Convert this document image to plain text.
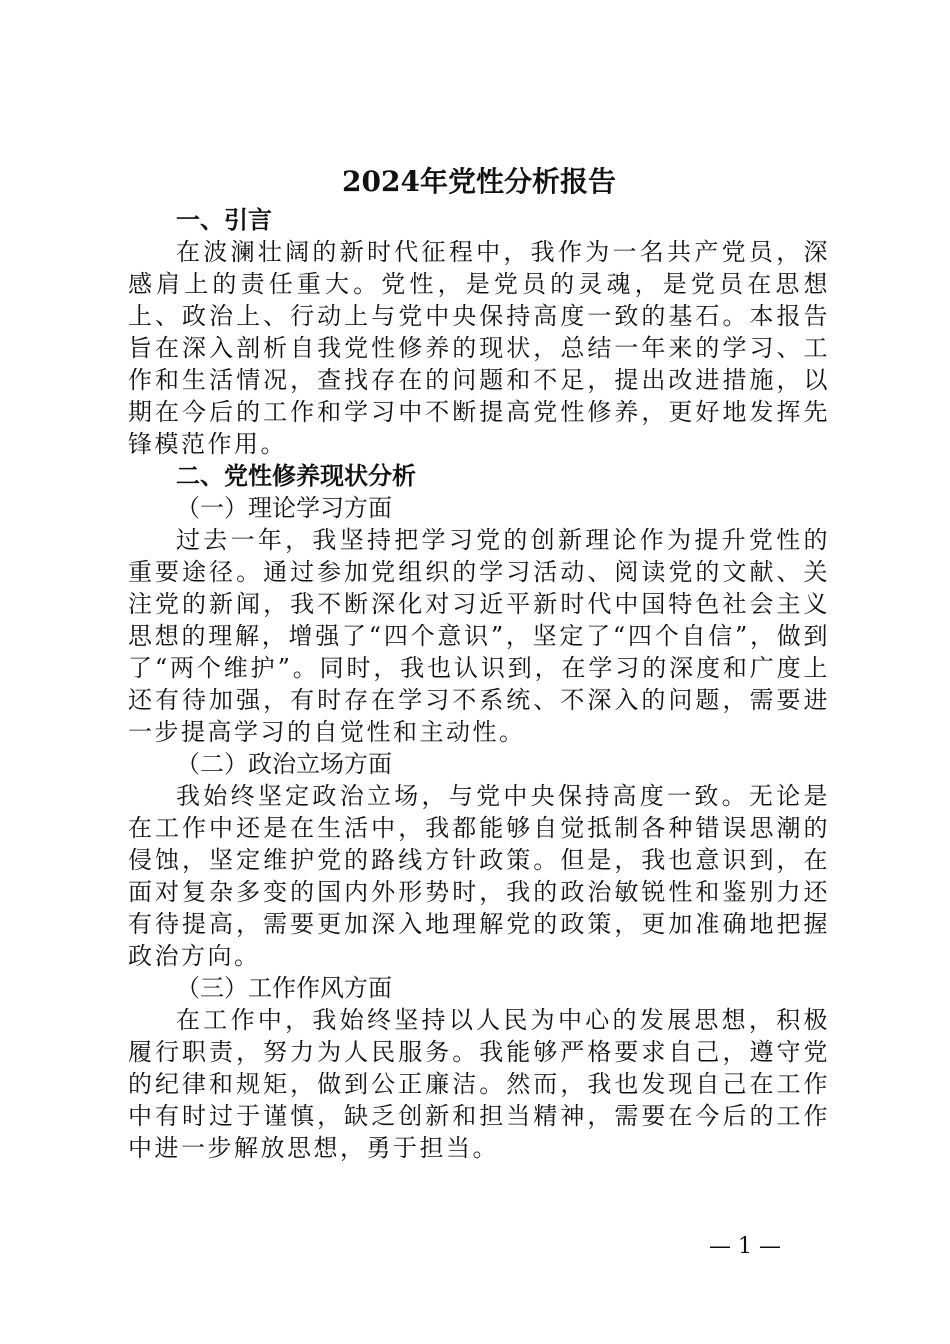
2024年党性分析报告
一、引言

在波澜壮阔的新时代征程中，我作为一名共产党员，深感肩上的责任重大。党性，是党员的灵魂，是党员在思想上、政治上、行动上与党中央保持高度一致的基石。本报告旨在深入剖析自我党性修养的现状，总结一年来的学习、工作和生活情况，查找存在的问题和不足，提出改进措施，以期在今后的工作和学习中不断提高党性修养，更好地发挥先锋模范作用。

二、党性修养现状分析
（一）理论学习方面

过去一年，我坚持把学习党的创新理论作为提升党性的重要途径。通过参加党组织的学习活动、阅读党的文献、关注党的新闻，我不断深化对习近平新时代中国特色社会主义思想的理解，增强了“四个意识”，坚定了“四个自信”，做到了“两个维护”。同时，我也认识到，在学习的深度和广度上还有待加强，有时存在学习不系统、不深入的问题，需要进一步提高学习的自觉性和主动性。

（二）政治立场方面

我始终坚定政治立场，与党中央保持高度一致。无论是在工作中还是在生活中，我都能够自觉抵制各种错误思潮的侵蚀，坚定维护党的路线方针政策。但是，我也意识到，在面对复杂多变的国内外形势时，我的政治敏锐性和鉴别力还有待提高，需要更加深入地理解党的政策，更加准确地把握政治方向。

（三）工作作风方面

在工作中，我始终坚持以人民为中心的发展思想，积极履行职责，努力为人民服务。我能够严格要求自己，遵守党的纪律和规矩，做到公正廉洁。然而，我也发现自己在工作中有时过于谨慎，缺乏创新和担当精神，需要在今后的工作中进一步解放思想，勇于担当。

— 1 —
